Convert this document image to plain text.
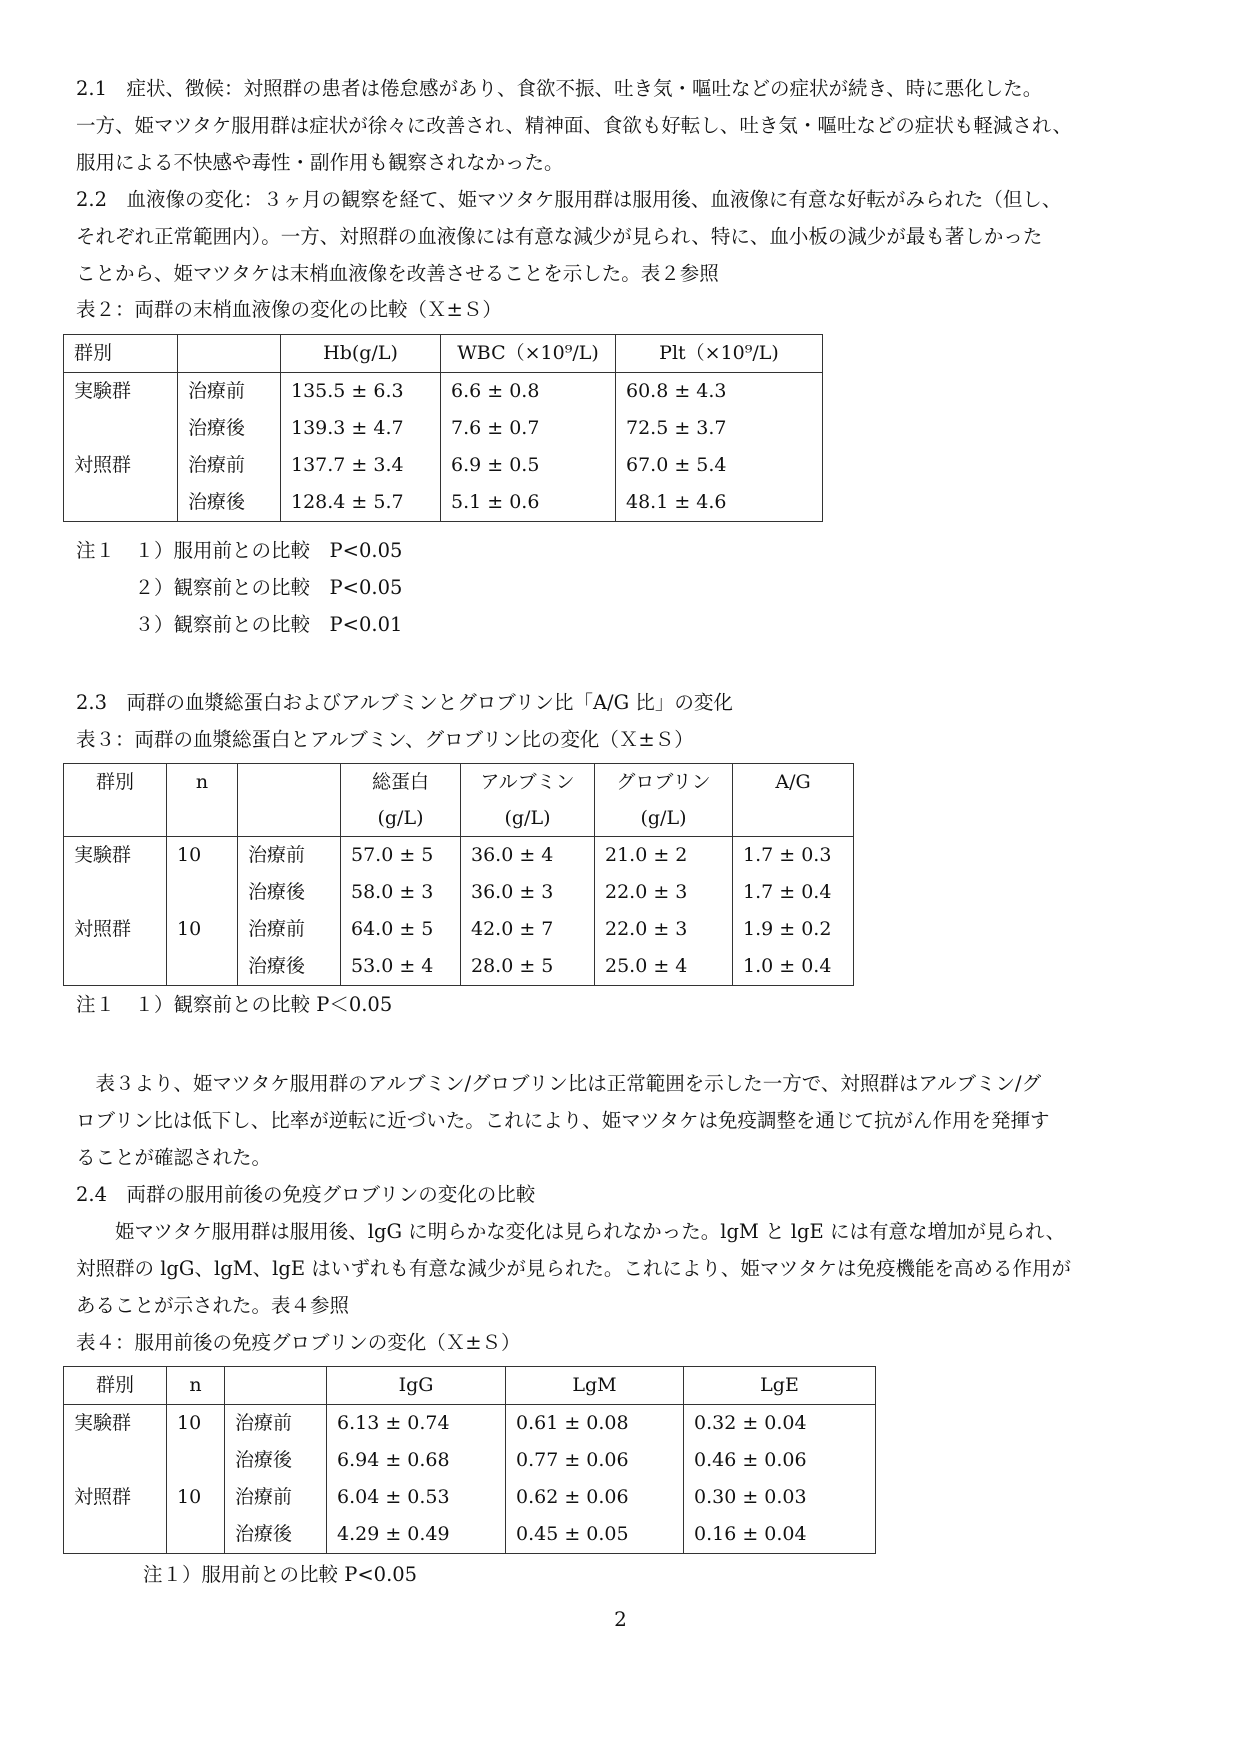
2.1　症状、徴候：対照群の患者は倦怠感があり、食欲不振、吐き気・嘔吐などの症状が続き、時に悪化した。
一方、姫マツタケ服用群は症状が徐々に改善され、精神面、食欲も好転し、吐き気・嘔吐などの症状も軽減され、
服用による不快感や毒性・副作用も観察されなかった。
2.2　血液像の変化：３ヶ月の観察を経て、姫マツタケ服用群は服用後、血液像に有意な好転がみられた（但し、
それぞれ正常範囲内）。一方、対照群の血液像には有意な減少が見られ、特に、血小板の減少が最も著しかった
ことから、姫マツタケは末梢血液像を改善させることを示した。表２参照
表２：両群の末梢血液像の変化の比較（Ｘ±Ｓ）
群別		Hb(g/L)	WBC（×10⁹/L)	Plt（×10⁹/L)
実験群	治療前	135.5 ± 6.3	6.6 ± 0.8	60.8 ± 4.3
	治療後	139.3 ± 4.7	7.6 ± 0.7	72.5 ± 3.7
対照群	治療前	137.7 ± 3.4	6.9 ± 0.5	67.0 ± 5.4
	治療後	128.4 ± 5.7	5.1 ± 0.6	48.1 ± 4.6
注１　１）服用前との比較　P<0.05
　　　２）観察前との比較　P<0.05
　　　３）観察前との比較　P<0.01
2.3　両群の血漿総蛋白およびアルブミンとグロブリン比「A/G 比」の変化
表３：両群の血漿総蛋白とアルブミン、グロブリン比の変化（Ｘ±Ｓ）
群別	n		総蛋白	アルブミン	グロブリン	A/G
			(g/L)	(g/L)	(g/L)	
実験群	10	治療前	57.0 ± 5	36.0 ± 4	21.0 ± 2	1.7 ± 0.3
		治療後	58.0 ± 3	36.0 ± 3	22.0 ± 3	1.7 ± 0.4
対照群	10	治療前	64.0 ± 5	42.0 ± 7	22.0 ± 3	1.9 ± 0.2
		治療後	53.0 ± 4	28.0 ± 5	25.0 ± 4	1.0 ± 0.4
注１　１）観察前との比較 P＜0.05
　表３より、姫マツタケ服用群のアルブミン/グロブリン比は正常範囲を示した一方で、対照群はアルブミン/グ
ロブリン比は低下し、比率が逆転に近づいた。これにより、姫マツタケは免疫調整を通じて抗がん作用を発揮す
ることが確認された。
2.4　両群の服用前後の免疫グロブリンの変化の比較
　　姫マツタケ服用群は服用後、lgG に明らかな変化は見られなかった。lgM と lgE には有意な増加が見られ、
対照群の lgG、lgM、lgE はいずれも有意な減少が見られた。これにより、姫マツタケは免疫機能を高める作用が
あることが示された。表４参照
表４：服用前後の免疫グロブリンの変化（Ｘ±Ｓ）
群別	n		IgG	LgM	LgE
実験群	10	治療前	6.13 ± 0.74	0.61 ± 0.08	0.32 ± 0.04
		治療後	6.94 ± 0.68	0.77 ± 0.06	0.46 ± 0.06
対照群	10	治療前	6.04 ± 0.53	0.62 ± 0.06	0.30 ± 0.03
		治療後	4.29 ± 0.49	0.45 ± 0.05	0.16 ± 0.04
注１）服用前との比較 P<0.05
2
